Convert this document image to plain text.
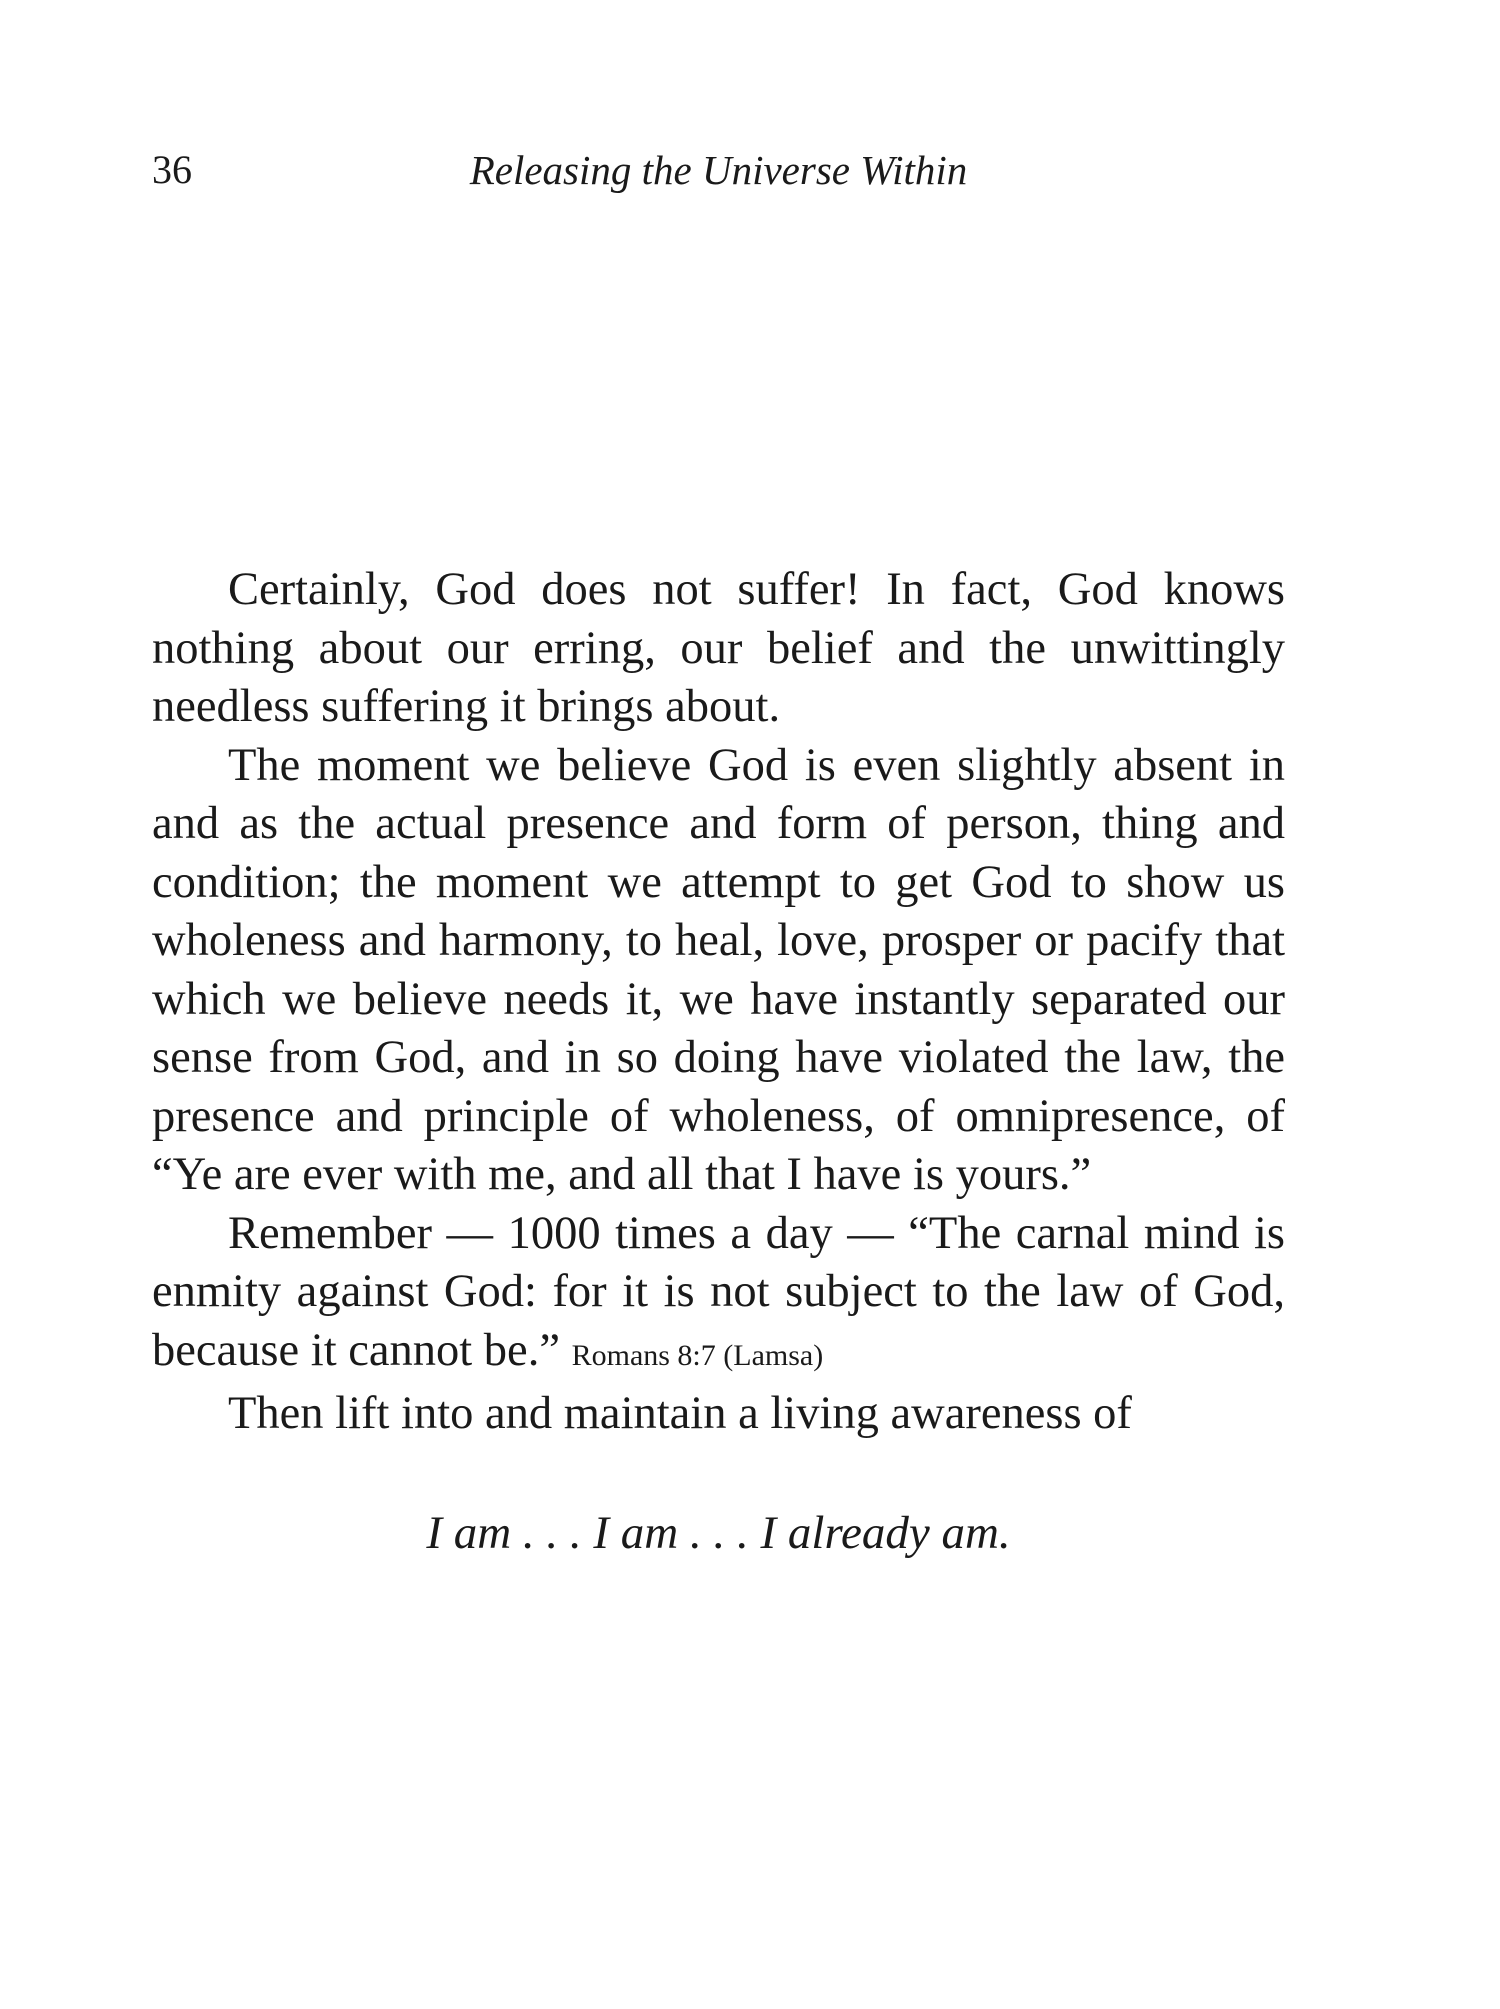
36	Releasing the Universe Within

Certainly, God does not suffer! In fact, God knows nothing about our erring, our belief and the unwittingly needless suffering it brings about.

The moment we believe God is even slightly absent in and as the actual presence and form of person, thing and condition; the moment we attempt to get God to show us wholeness and harmony, to heal, love, prosper or pacify that which we believe needs it, we have instantly separated our sense from God, and in so doing have violated the law, the presence and principle of wholeness, of omnipresence, of “Ye are ever with me, and all that I have is yours.”

Remember — 1000 times a day — “The carnal mind is enmity against God: for it is not subject to the law of God, because it cannot be.” Romans 8:7 (Lamsa)

Then lift into and maintain a living awareness of

I am . . . I am . . . I already am.
